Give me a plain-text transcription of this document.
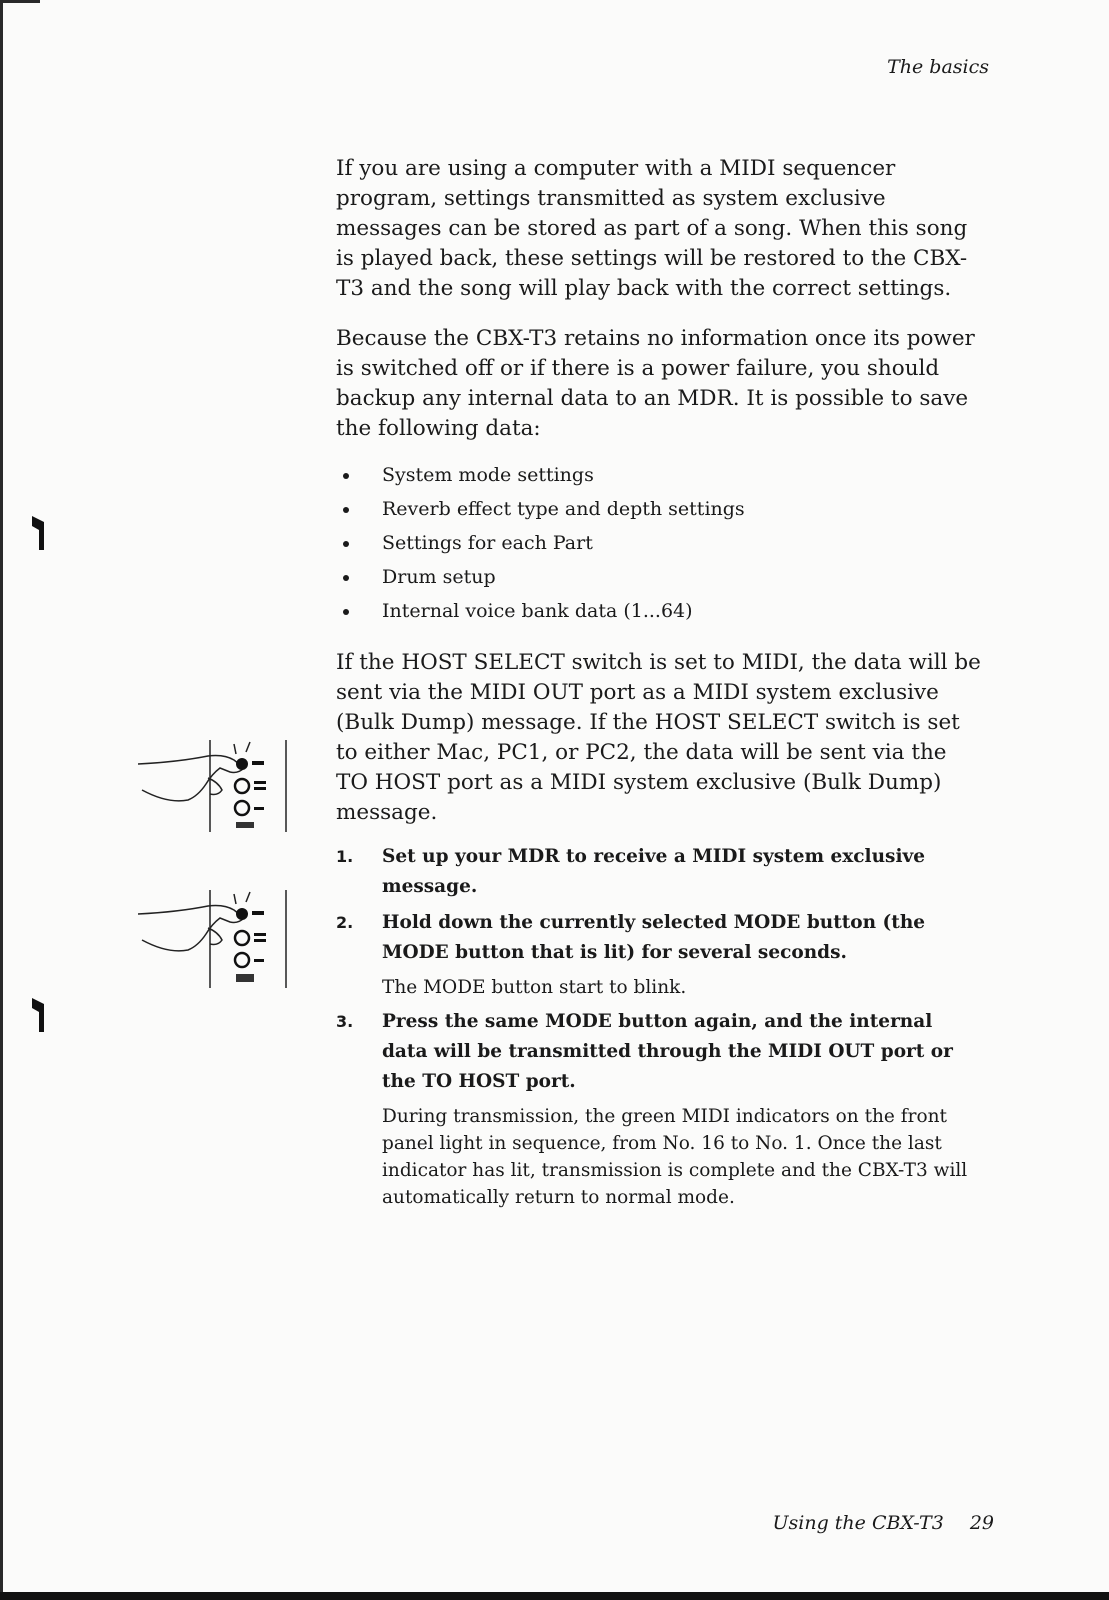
The basics

If you are using a computer with a MIDI sequencer program, settings transmitted as system exclusive messages can be stored as part of a song. When this song is played back, these settings will be restored to the CBX-T3 and the song will play back with the correct settings.

Because the CBX-T3 retains no information once its power is switched off or if there is a power failure, you should backup any internal data to an MDR. It is possible to save the following data:

System mode settings
Reverb effect type and depth settings
Settings for each Part
Drum setup
Internal voice bank data (1...64)

If the HOST SELECT switch is set to MIDI, the data will be sent via the MIDI OUT port as a MIDI system exclusive (Bulk Dump) message. If the HOST SELECT switch is set to either Mac, PC1, or PC2, the data will be sent via the TO HOST port as a MIDI system exclusive (Bulk Dump) message.

1. Set up your MDR to receive a MIDI system exclusive message.
2. Hold down the currently selected MODE button (the MODE button that is lit) for several seconds.
The MODE button start to blink.
3. Press the same MODE button again, and the internal data will be transmitted through the MIDI OUT port or the TO HOST port.
During transmission, the green MIDI indicators on the front panel light in sequence, from No. 16 to No. 1. Once the last indicator has lit, transmission is complete and the CBX-T3 will automatically return to normal mode.
Using the CBX-T3 29
